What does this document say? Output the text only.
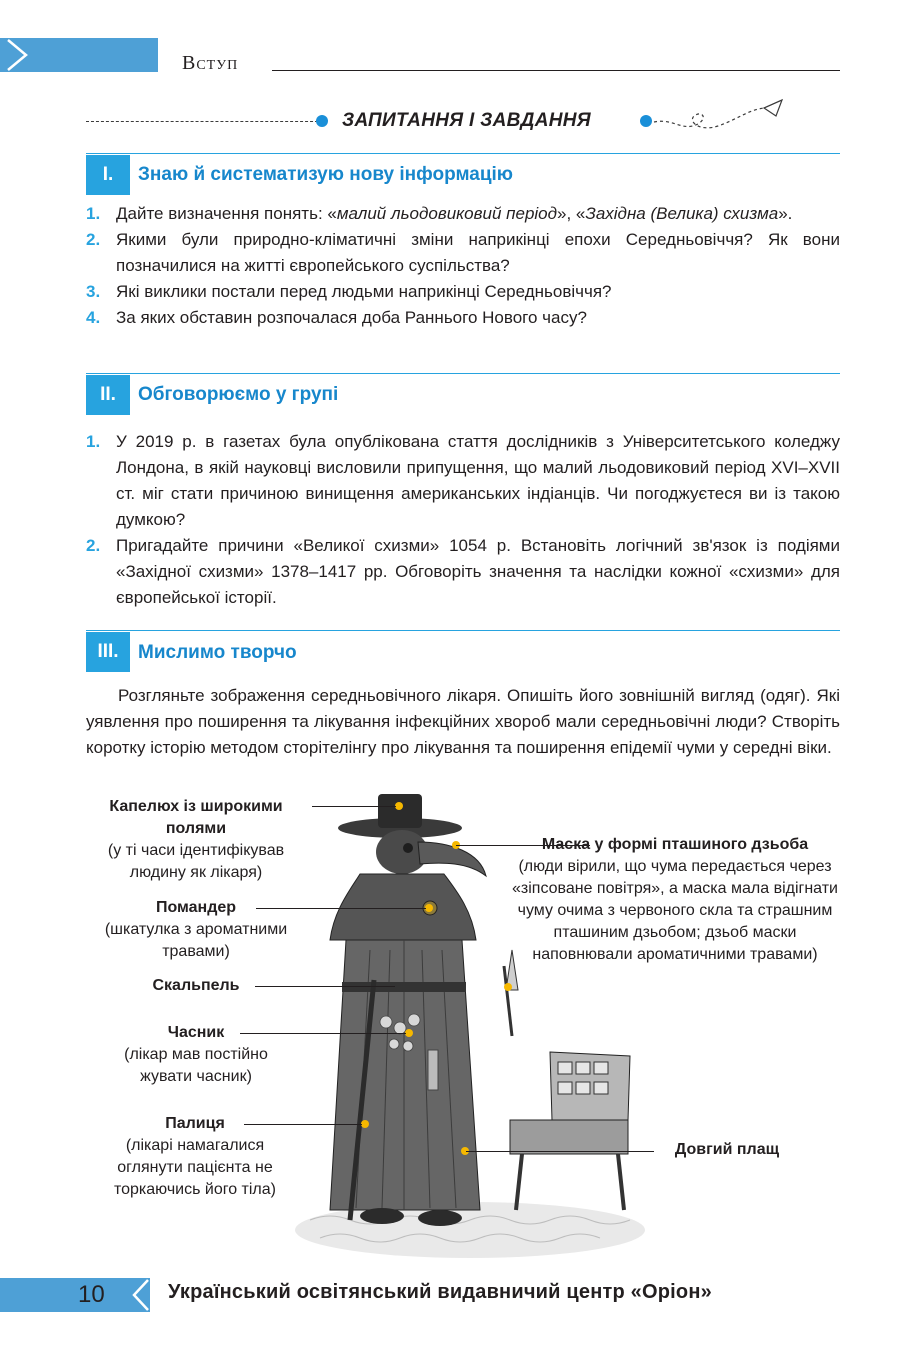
Вступ
ЗАПИТАННЯ І ЗАВДАННЯ
I.	Знаю й систематизую нову інформацію
1. Дайте визначення понять: «малий льодовиковий період», «Західна (Велика) схизма».
2. Якими були природно-кліматичні зміни наприкінці епохи Середньовіччя? Як вони позначилися на житті європейського суспільства?
3. Які виклики постали перед людьми наприкінці Середньовіччя?
4. За яких обставин розпочалася доба Раннього Нового часу?
II.	Обговорюємо у групі
1. У 2019 р. в газетах була опублікована стаття дослідників з Університетського коледжу Лондона, в якій науковці висловили припущення, що малий льодовиковий період XVI–XVII ст. міг стати причиною винищення американських індіанців. Чи погоджуєтеся ви із такою думкою?
2. Пригадайте причини «Великої схизми» 1054 р. Встановіть логічний зв'язок із подіями «Західної схизми» 1378–1417 рр. Обговоріть значення та наслідки кожної «схизми» для європейської історії.
III.	Мислимо творчо
Розгляньте зображення середньовічного лікаря. Опишіть його зовнішній вигляд (одяг). Які уявлення про поширення та лікування інфекційних хвороб мали середньовічні люди? Створіть коротку історію методом сторітелінгу про лікування та поширення епідемії чуми у середні віки.
Капелюх із широкими полями
(у ті часи ідентифікував людину як лікаря)
Помандер
(шкатулка з ароматними травами)
Скальпель
Часник
(лікар мав постійно жувати часник)
Палиця
(лікарі намагалися оглянути пацієнта не торкаючись його тіла)
Маска у формі пташиного дзьоба
(люди вірили, що чума передається через «зіпсоване повітря», а маска мала відігнати чуму очима з червоного скла та страшним пташиним дзьобом; дзьоб маски наповнювали ароматичними травами)
Довгий плащ
10	Український освітянський видавничий центр «Оріон»
